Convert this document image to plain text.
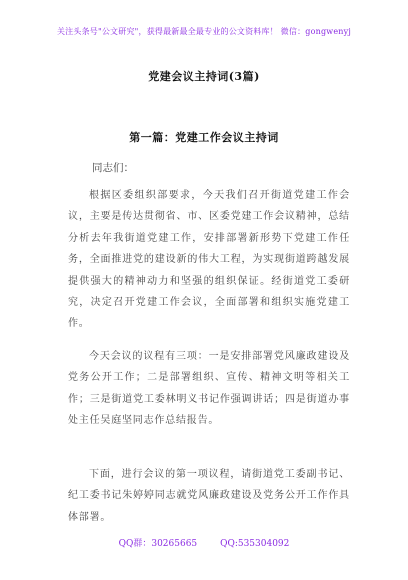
关注头条号"公文研究"，获得最新最全最专业的公文资料库！ 微信：gongwenyj
党建会议主持词(3篇)
第一篇：党建工作会议主持词
同志们：
根据区委组织部要求，今天我们召开街道党建工作会议，主要是传达贯彻省、市、区委党建工作会议精神，总结分析去年我街道党建工作，安排部署新形势下党建工作任务，全面推进党的建设新的伟大工程，为实现街道跨越发展提供强大的精神动力和坚强的组织保证。经街道党工委研究，决定召开党建工作会议，全面部署和组织实施党建工作。
今天会议的议程有三项：一是安排部署党风廉政建设及党务公开工作；二是部署组织、宣传、精神文明等相关工作；三是街道党工委林明义书记作强调讲话；四是街道办事处主任吴庭坚同志作总结报告。
下面，进行会议的第一项议程，请街道党工委副书记、纪工委书记朱婷婷同志就党风廉政建设及党务公开工作作具体部署。
QQ群：30265665	QQ:535304092
